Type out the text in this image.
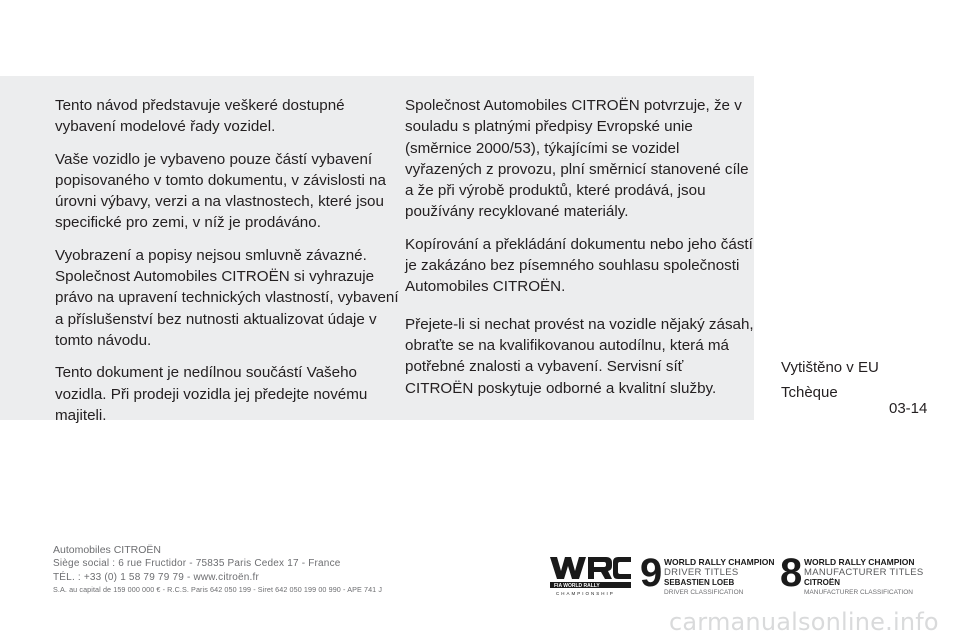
Tento návod představuje veškeré dostupné vybavení modelové řady vozidel.

Vaše vozidlo je vybaveno pouze částí vybavení popisovaného v tomto dokumentu, v závislosti na úrovni výbavy, verzi a na vlastnostech, které jsou specifické pro zemi, v níž je prodáváno.

Vyobrazení a popisy nejsou smluvně závazné. Společnost Automobiles CITROËN si vyhrazuje právo na upravení technických vlastností, vybavení a příslušenství bez nutnosti aktualizovat údaje v tomto návodu.

Tento dokument je nedílnou součástí Vašeho vozidla. Při prodeji vozidla jej předejte novému majiteli.

Společnost Automobiles CITROËN potvrzuje, že v souladu s platnými předpisy Evropské unie (směrnice 2000/53), týkajícími se vozidel vyřazených z provozu, plní směrnicí stanovené cíle a že při výrobě produktů, které prodává, jsou používány recyklované materiály.

Kopírování a překládání dokumentu nebo jeho částí je zakázáno bez písemného souhlasu společnosti Automobiles CITROËN.

Přejete-li si nechat provést na vozidle nějaký zásah, obraťte se na kvalifikovanou autodílnu, která má potřebné znalosti a vybavení. Servisní síť CITROËN poskytuje odborné a kvalitní služby.

Vytištěno v EU
Tchèque
03-14
Automobiles CITROËN
Siège social : 6 rue Fructidor - 75835 Paris Cedex 17 - France
TÉL. : +33 (0) 1 58 79 79 79 - www.citroën.fr
S.A. au capital de 159 000 000 € - R.C.S. Paris 642 050 199 - Siret 642 050 199 00 990 - APE 741 J	FIA WORLD RALLY
CHAMPIONSHIP 9 WORLD RALLY CHAMPION
DRIVER TITLES
SEBASTIEN LOEB
DRIVER CLASSIFICATION 8 WORLD RALLY CHAMPION
MANUFACTURER TITLES
CITROËN
MANUFACTURER CLASSIFICATION
carmanualsonline.info
